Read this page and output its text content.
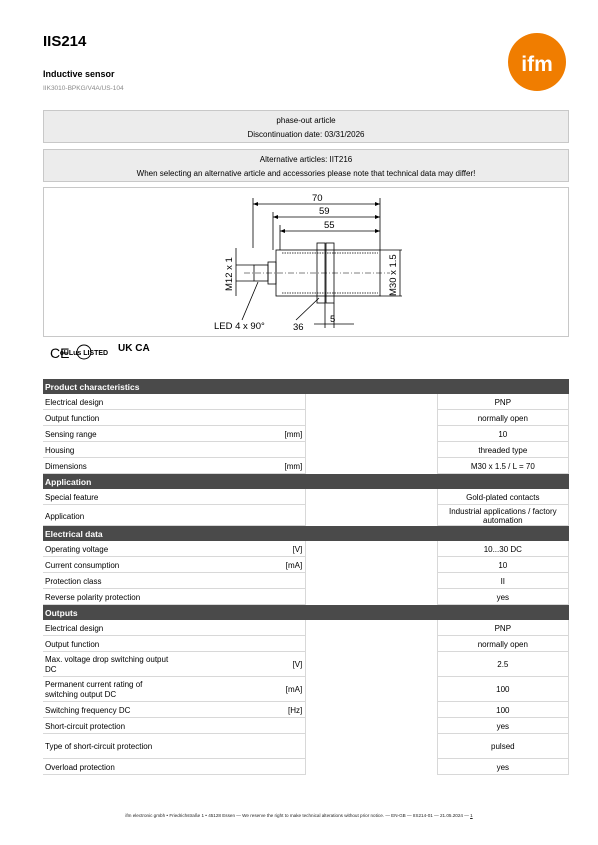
IIS214
Inductive sensor
IIK3010-BPKG/V4A/US-104
ifm
phase-out article
Discontinuation date: 03/31/2026
Alternative articles: IIT216
When selecting an alternative article and accessories please note that technical data may differ!
70
59
55
5
M12 x 1	M30 x 1.5
LED 4 x 90°	36
CE
cULus LISTED UK CA
Product characteristics			
Electrical design			PNP
Output function			normally open
Sensing range	[mm]		10
Housing			threaded type
Dimensions	[mm]		M30 x 1.5 / L = 70
Application			
Special feature			Gold-plated contacts
Application			Industrial applications / factory automation
Electrical data			
Operating voltage	[V]		10...30 DC
Current consumption	[mA]		10
Protection class			II
Reverse polarity protection			yes
Outputs			
Electrical design			PNP
Output function			normally open
Max. voltage drop switching output DC	[V]		2.5
Permanent current rating of switching output DC	[mA]		100
Switching frequency DC	[Hz]		100
Short-circuit protection			yes
Type of short-circuit protection			pulsed
Overload protection			yes
ifm electronic gmbh • Friedrichstraße 1 • 45128 Essen — We reserve the right to make technical alterations without prior notice. — EN-GB — IIS214-01 — 21.05.2024 — 1
